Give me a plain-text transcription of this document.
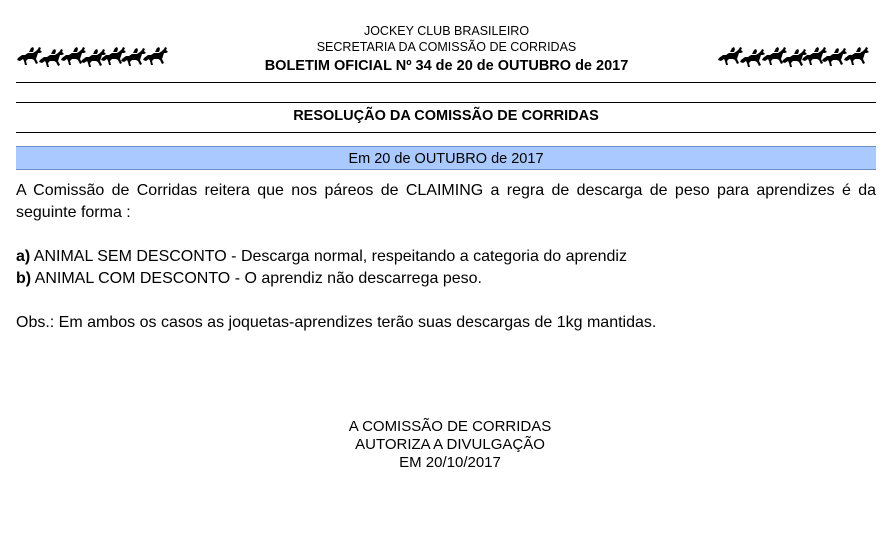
JOCKEY CLUB BRASILEIRO
SECRETARIA DA COMISSÃO DE CORRIDAS
BOLETIM OFICIAL Nº 34 de 20 de OUTUBRO de 2017
RESOLUÇÃO DA COMISSÃO DE CORRIDAS
Em 20 de OUTUBRO de 2017
A Comissão de Corridas reitera que nos páreos de CLAIMING a regra de descarga de peso para aprendizes é da seguinte forma :
a) ANIMAL SEM DESCONTO - Descarga normal, respeitando a categoria do aprendiz
b) ANIMAL COM DESCONTO - O aprendiz não descarrega peso.
Obs.: Em ambos os casos as joquetas-aprendizes terão suas descargas de 1kg mantidas.
A COMISSÃO DE CORRIDAS
AUTORIZA A DIVULGAÇÃO
EM 20/10/2017
